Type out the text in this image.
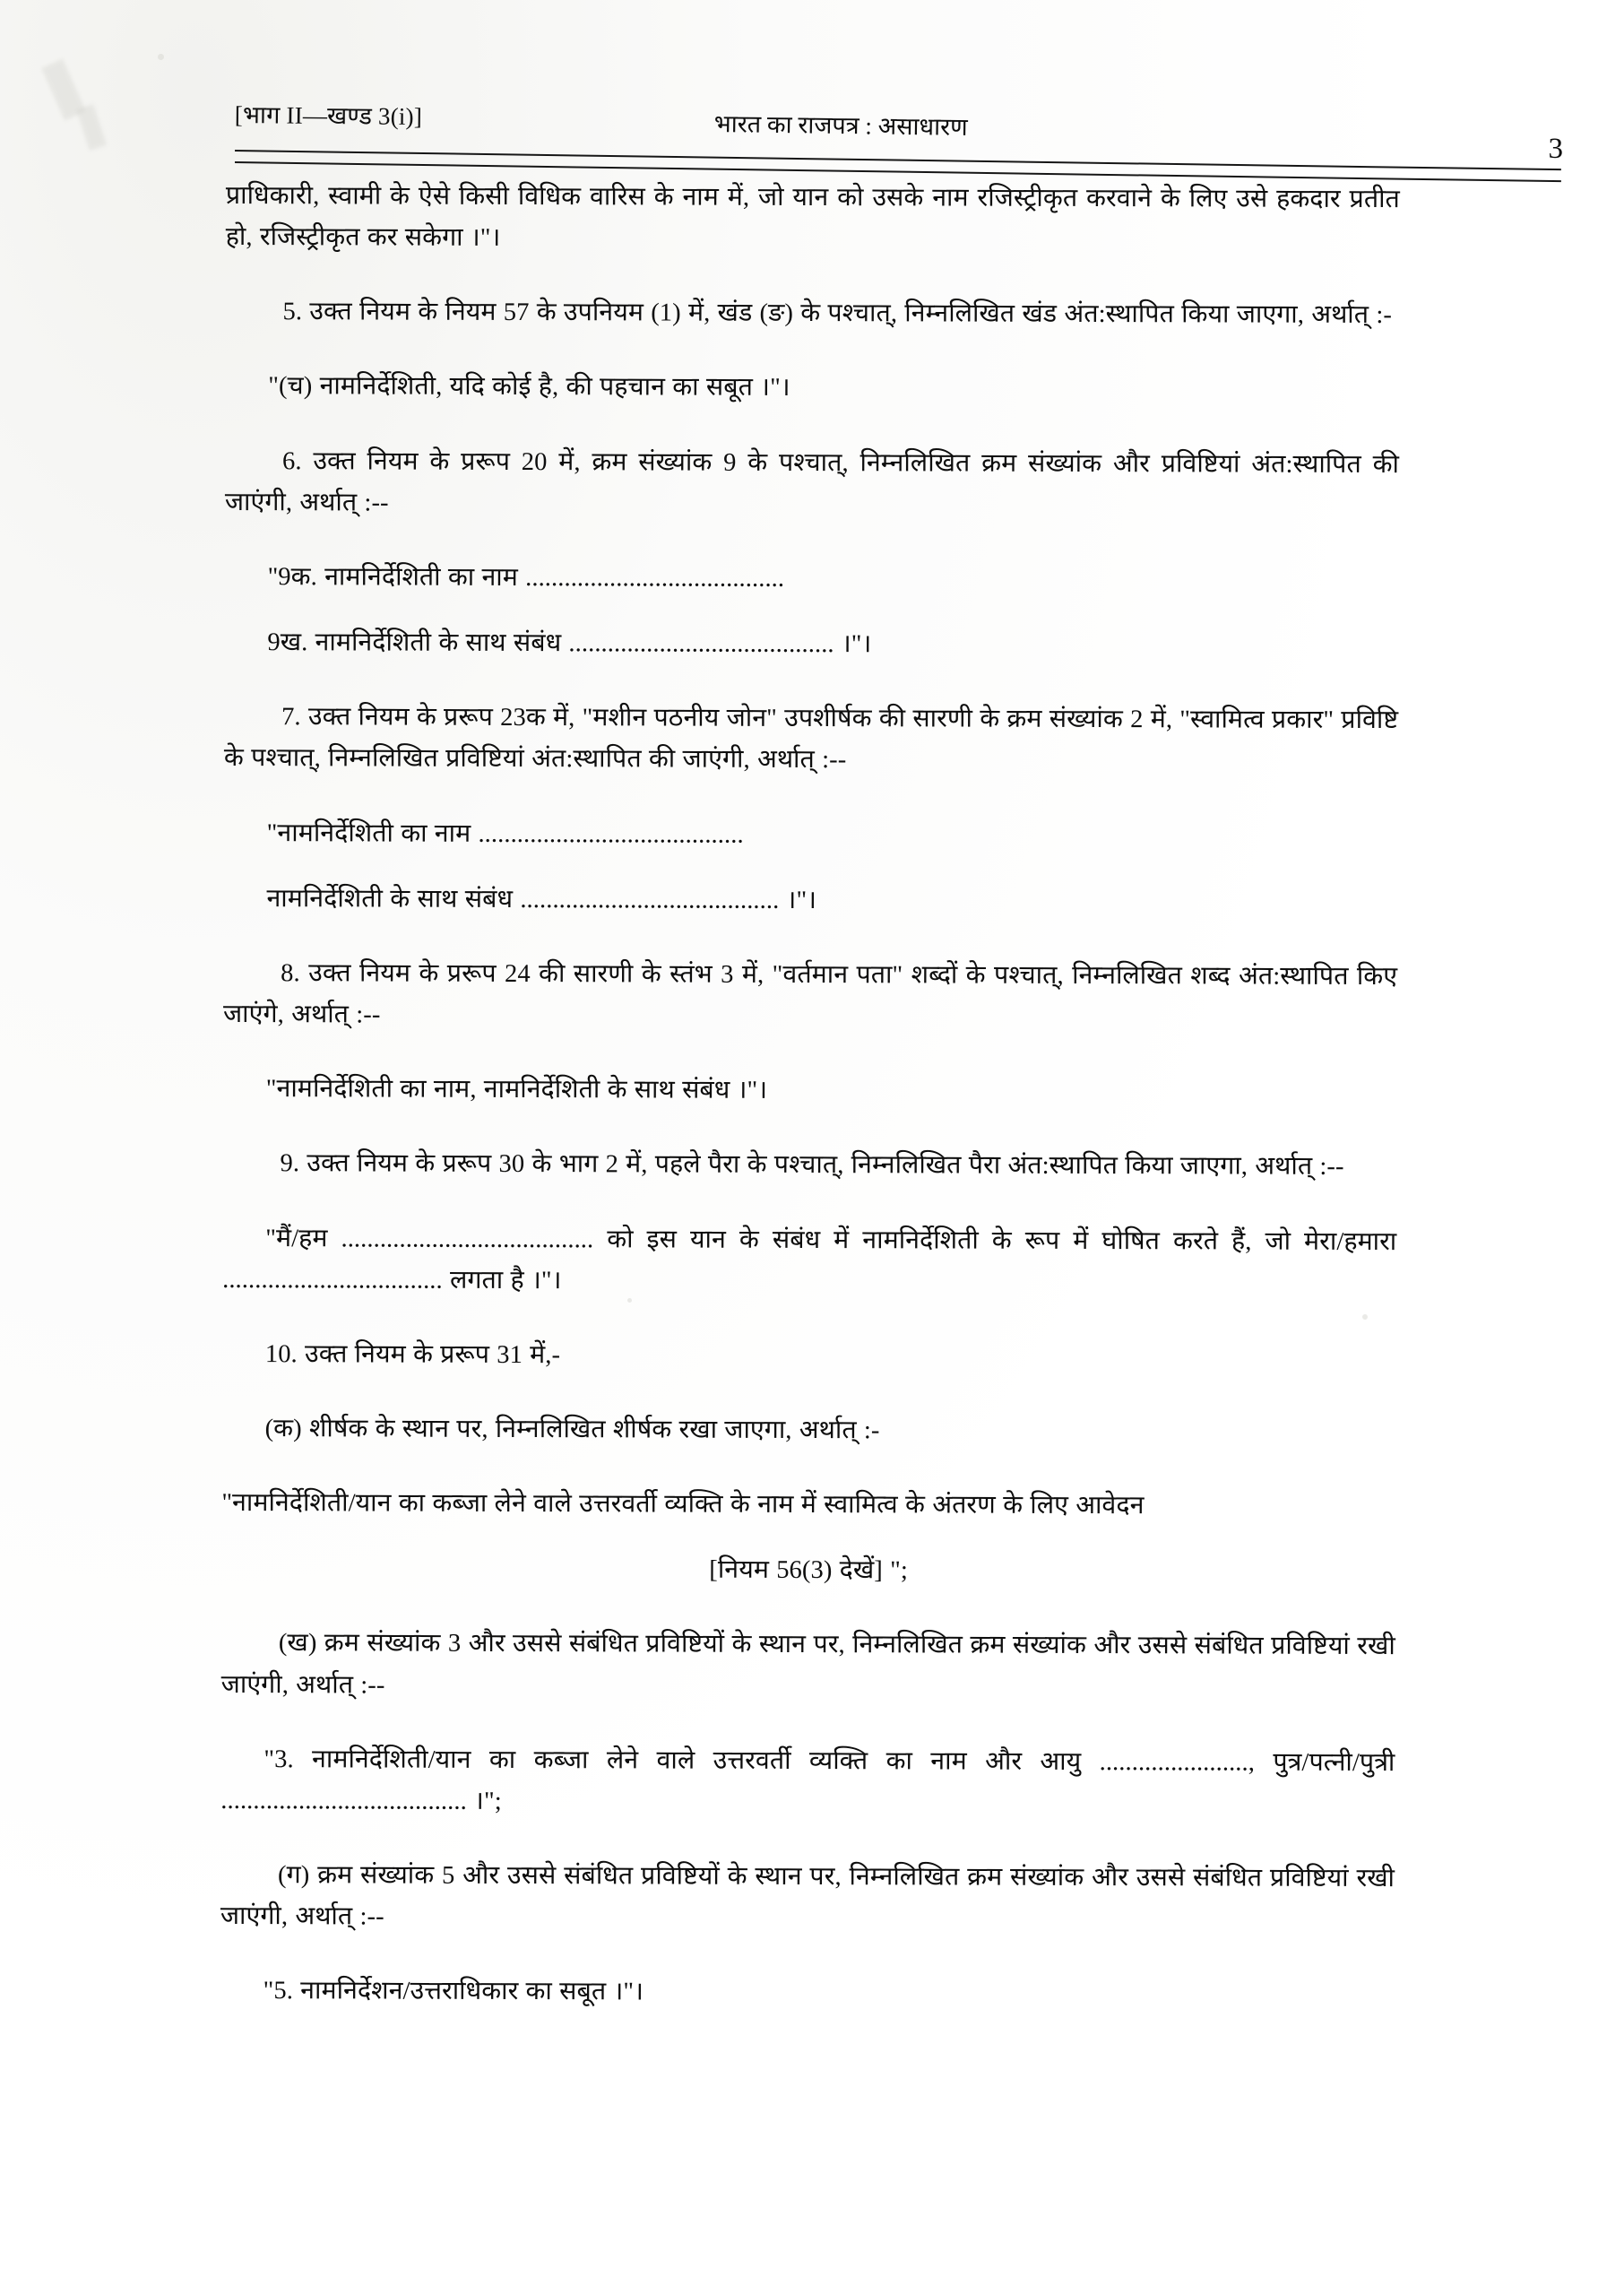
[भाग II—खण्ड 3(i)]	भारत का राजपत्र : असाधारण
3

प्राधिकारी, स्वामी के ऐसे किसी विधिक वारिस के नाम में, जो यान को उसके नाम रजिस्ट्रीकृत करवाने के लिए उसे हकदार प्रतीत हो, रजिस्ट्रीकृत कर सकेगा ।"।

5. उक्त नियम के नियम 57 के उपनियम (1) में, खंड (ङ) के पश्चात्, निम्नलिखित खंड अंत:स्थापित किया जाएगा, अर्थात् :-

"(च) नामनिर्देशिती, यदि कोई है, की पहचान का सबूत ।"।

6. उक्त नियम के प्ररूप 20 में, क्रम संख्यांक 9 के पश्चात्, निम्नलिखित क्रम संख्यांक और प्रविष्टियां अंत:स्थापित की जाएंगी, अर्थात् :--

"9क. नामनिर्देशिती का नाम ........................................

9ख. नामनिर्देशिती के साथ संबंध ......................................... ।"।

7. उक्त नियम के प्ररूप 23क में, "मशीन पठनीय जोन" उपशीर्षक की सारणी के क्रम संख्यांक 2 में, "स्वामित्व प्रकार" प्रविष्टि के पश्चात्, निम्नलिखित प्रविष्टियां अंत:स्थापित की जाएंगी, अर्थात् :--

"नामनिर्देशिती का नाम .........................................

नामनिर्देशिती के साथ संबंध ........................................ ।"।

8. उक्त नियम के प्ररूप 24 की सारणी के स्तंभ 3 में, "वर्तमान पता" शब्दों के पश्चात्, निम्नलिखित शब्द अंत:स्थापित किए जाएंगे, अर्थात् :--

"नामनिर्देशिती का नाम, नामनिर्देशिती के साथ संबंध ।"।

9. उक्त नियम के प्ररूप 30 के भाग 2 में, पहले पैरा के पश्चात्, निम्नलिखित पैरा अंत:स्थापित किया जाएगा, अर्थात् :--

"मैं/हम ....................................... को इस यान के संबंध में नामनिर्देशिती के रूप में घोषित करते हैं, जो मेरा/हमारा .................................. लगता है ।"।

10. उक्त नियम के प्ररूप 31 में,-

(क) शीर्षक के स्थान पर, निम्नलिखित शीर्षक रखा जाएगा, अर्थात् :-

"नामनिर्देशिती/यान का कब्जा लेने वाले उत्तरवर्ती व्यक्ति के नाम में स्वामित्व के अंतरण के लिए आवेदन

[नियम 56(3) देखें] ";

(ख) क्रम संख्यांक 3 और उससे संबंधित प्रविष्टियों के स्थान पर, निम्नलिखित क्रम संख्यांक और उससे संबंधित प्रविष्टियां रखी जाएंगी, अर्थात् :--

"3. नामनिर्देशिती/यान का कब्जा लेने वाले उत्तरवर्ती व्यक्ति का नाम और आयु ......................., पुत्र/पत्नी/पुत्री ...................................... ।";

(ग) क्रम संख्यांक 5 और उससे संबंधित प्रविष्टियों के स्थान पर, निम्नलिखित क्रम संख्यांक और उससे संबंधित प्रविष्टियां रखी जाएंगी, अर्थात् :--

"5. नामनिर्देशन/उत्तराधिकार का सबूत ।"।
